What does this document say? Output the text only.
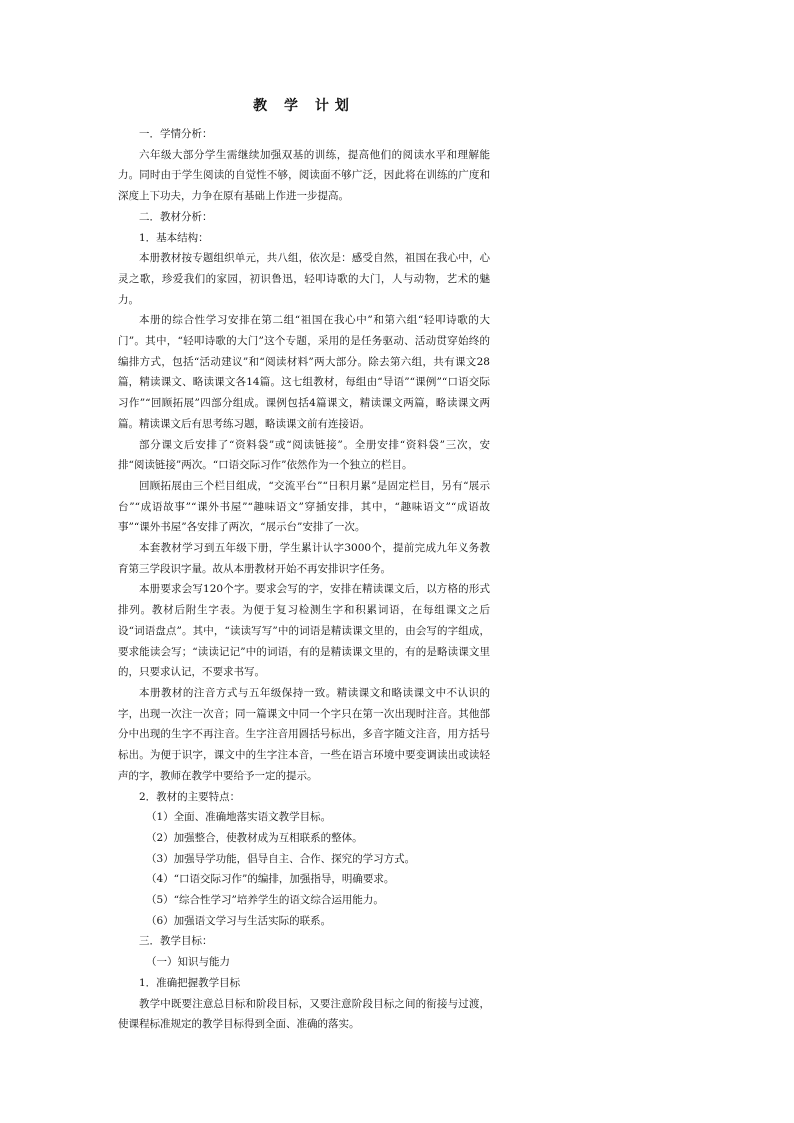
教 学 计划

一．学情分析：

六年级大部分学生需继续加强双基的训练，提高他们的阅读水平和理解能力。同时由于学生阅读的自觉性不够，阅读面不够广泛，因此将在训练的广度和深度上下功夫，力争在原有基础上作进一步提高。

二．教材分析：

1．基本结构：

本册教材按专题组织单元，共八组，依次是：感受自然，祖国在我心中，心灵之歌，珍爱我们的家园，初识鲁迅，轻叩诗歌的大门，人与动物，艺术的魅力。

本册的综合性学习安排在第二组“祖国在我心中”和第六组“轻叩诗歌的大门”。其中，“轻叩诗歌的大门”这个专题，采用的是任务驱动、活动贯穿始终的编排方式，包括“活动建议”和“阅读材料”两大部分。除去第六组，共有课文28篇，精读课文、略读课文各14篇。这七组教材，每组由“导语”“课例”“口语交际习作”“回顾拓展”四部分组成。课例包括4篇课文，精读课文两篇，略读课文两篇。精读课文后有思考练习题，略读课文前有连接语。

部分课文后安排了“资料袋”或“阅读链接”。全册安排“资料袋”三次，安排“阅读链接”两次。“口语交际习作”依然作为一个独立的栏目。

回顾拓展由三个栏目组成，“交流平台”“日积月累”是固定栏目，另有“展示台”“成语故事”“课外书屋”“趣味语文”穿插安排，其中，“趣味语文”“成语故事”“课外书屋”各安排了两次，“展示台”安排了一次。

本套教材学习到五年级下册，学生累计认字3000个，提前完成九年义务教育第三学段识字量。故从本册教材开始不再安排识字任务。

本册要求会写120个字。要求会写的字，安排在精读课文后，以方格的形式排列。教材后附生字表。为便于复习检测生字和积累词语，在每组课文之后设“词语盘点”。其中，“读读写写”中的词语是精读课文里的，由会写的字组成，要求能读会写；“读读记记”中的词语，有的是精读课文里的，有的是略读课文里的，只要求认记，不要求书写。

本册教材的注音方式与五年级保持一致。精读课文和略读课文中不认识的字，出现一次注一次音；同一篇课文中同一个字只在第一次出现时注音。其他部分中出现的生字不再注音。生字注音用圆括号标出，多音字随文注音，用方括号标出。为便于识字，课文中的生字注本音，一些在语言环境中要变调读出或读轻声的字，教师在教学中要给予一定的提示。

2．教材的主要特点：

（1）全面、准确地落实语文教学目标。

（2）加强整合，使教材成为互相联系的整体。

（3）加强导学功能，倡导自主、合作、探究的学习方式。

（4）“口语交际习作”的编排，加强指导，明确要求。

（5）“综合性学习”培养学生的语文综合运用能力。

（6）加强语文学习与生活实际的联系。

三．教学目标：

（一）知识与能力

1．准确把握教学目标

教学中既要注意总目标和阶段目标，又要注意阶段目标之间的衔接与过渡，使课程标准规定的教学目标得到全面、准确的落实。
